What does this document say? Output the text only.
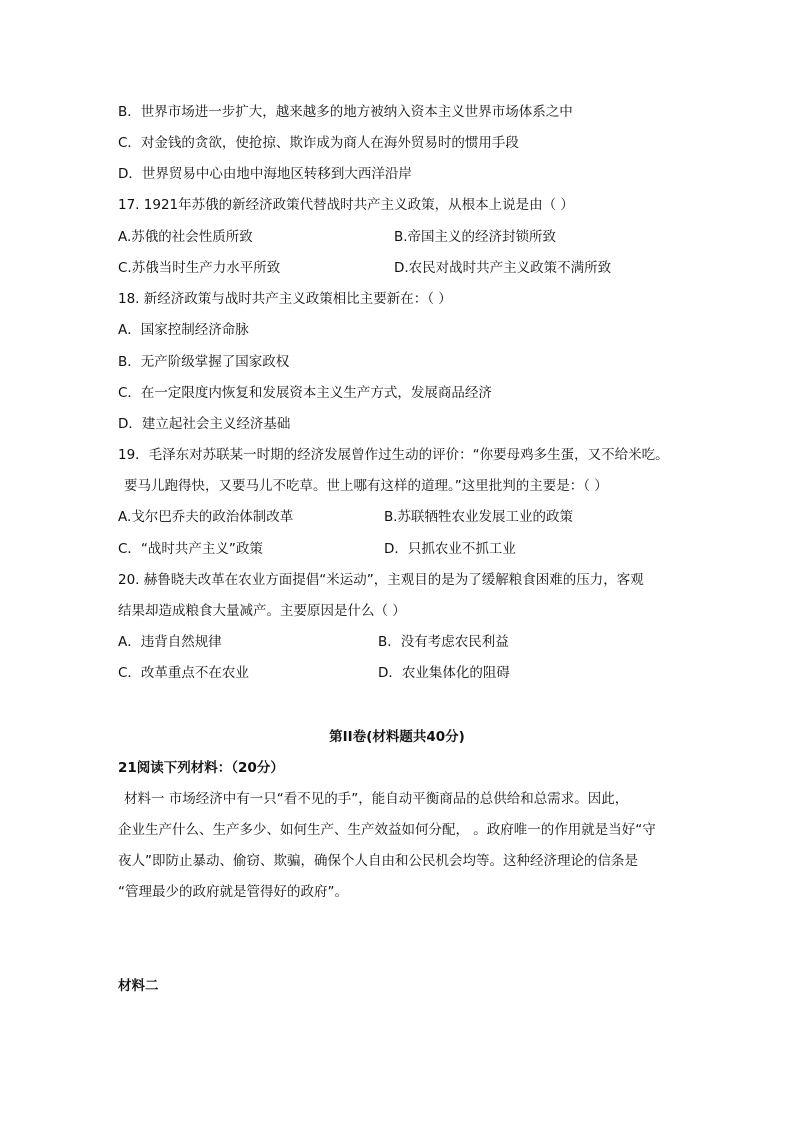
B．世界市场进一步扩大，越来越多的地方被纳入资本主义世界市场体系之中
C．对金钱的贪欲，使抢掠、欺诈成为商人在海外贸易时的惯用手段
D．世界贸易中心由地中海地区转移到大西洋沿岸
17. 1921年苏俄的新经济政策代替战时共产主义政策，从根本上说是由（ ）
A.苏俄的社会性质所致	B.帝国主义的经济封锁所致
C.苏俄当时生产力水平所致	D.农民对战时共产主义政策不满所致
18. 新经济政策与战时共产主义政策相比主要新在：（ ）
A．国家控制经济命脉
B．无产阶级掌握了国家政权
C．在一定限度内恢复和发展资本主义生产方式，发展商品经济
D．建立起社会主义经济基础
19．毛泽东对苏联某一时期的经济发展曾作过生动的评价：“你要母鸡多生蛋，又不给米吃。
要马儿跑得快，又要马儿不吃草。世上哪有这样的道理。”这里批判的主要是：（ ）
A.戈尔巴乔夫的政治体制改革	B.苏联牺牲农业发展工业的政策
C．“战时共产主义”政策	D．只抓农业不抓工业
20. 赫鲁晓夫改革在农业方面提倡“米运动”，主观目的是为了缓解粮食困难的压力，客观
结果却造成粮食大量减产。主要原因是什么（ ）
A．违背自然规律	B．没有考虑农民利益
C．改革重点不在农业	D．农业集体化的阻碍
第II卷(材料题共40分)
21阅读下列材料：（20分）
材料一 市场经济中有一只“看不见的手”，能自动平衡商品的总供给和总需求。因此，
企业生产什么、生产多少、如何生产、生产效益如何分配， 。政府唯一的作用就是当好“守
夜人”即防止暴动、偷窃、欺骗，确保个人自由和公民机会均等。这种经济理论的信条是
“管理最少的政府就是管得好的政府”。
材料二
